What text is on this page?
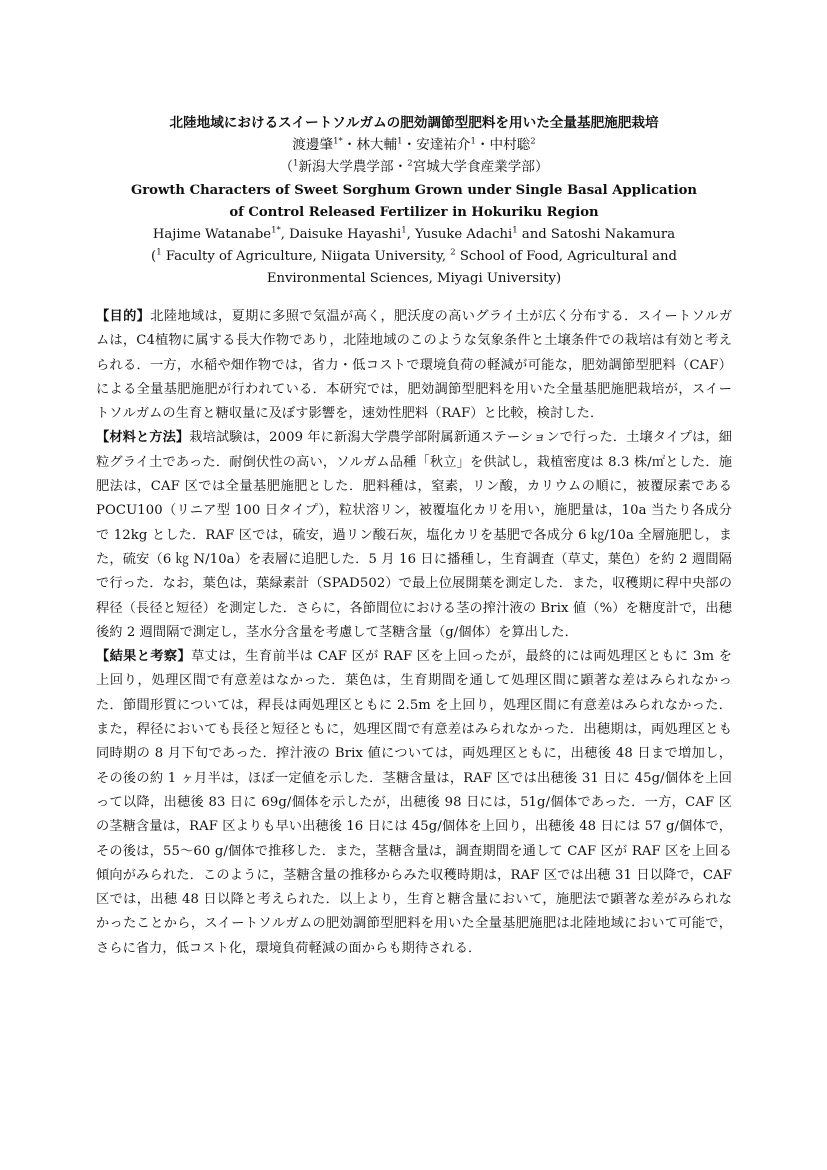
北陸地域におけるスイートソルガムの肥効調節型肥料を用いた全量基肥施肥栽培
渡邊肇$^{1*}$・林大輔$^1$・安達祐介$^1$・中村聡$^2$
（$^1$新潟大学農学部・$^2$宮城大学食産業学部）
Growth Characters of Sweet Sorghum Grown under Single Basal Application
of Control Released Fertilizer in Hokuriku Region
Hajime Watanabe$^{1*}$, Daisuke Hayashi$^1$, Yusuke Adachi$^1$ and Satoshi Nakamura
($^1$ Faculty of Agriculture, Niigata University, $^2$ School of Food, Agricultural and
Environmental Sciences, Miyagi University)

【目的】北陸地域は，夏期に多照で気温が高く，肥沃度の高いグライ土が広く分布する．スイートソルガムは，C4植物に属する長大作物であり，北陸地域のこのような気象条件と土壌条件での栽培は有効と考えられる．一方，水稲や畑作物では，省力・低コストで環境負荷の軽減が可能な，肥効調節型肥料（CAF）による全量基肥施肥が行われている．本研究では，肥効調節型肥料を用いた全量基肥施肥栽培が，スイートソルガムの生育と糖収量に及ぼす影響を，速効性肥料（RAF）と比較，検討した．

【材料と方法】栽培試験は，2009 年に新潟大学農学部附属新通ステーションで行った．土壌タイプは，細粒グライ土であった．耐倒伏性の高い，ソルガム品種「秋立」を供試し，栽植密度は 8.3 株/㎡とした．施肥法は，CAF 区では全量基肥施肥とした．肥料種は，窒素，リン酸，カリウムの順に，被覆尿素である POCU100（リニア型 100 日タイプ），粒状溶リン，被覆塩化カリを用い，施肥量は，10a 当たり各成分で 12kg とした．RAF 区では，硫安，過リン酸石灰，塩化カリを基肥で各成分 6 ㎏/10a 全層施肥し，また，硫安（6 ㎏ N/10a）を表層に追肥した．5 月 16 日に播種し，生育調査（草丈，葉色）を約 2 週間隔で行った．なお，葉色は，葉緑素計（SPAD502）で最上位展開葉を測定した．また，収穫期に稈中央部の稈径（長径と短径）を測定した．さらに，各節間位における茎の搾汁液の Brix 値（%）を糖度計で，出穂後約 2 週間隔で測定し，茎水分含量を考慮して茎糖含量（g/個体）を算出した．

【結果と考察】草丈は，生育前半は CAF 区が RAF 区を上回ったが，最終的には両処理区ともに 3m を上回り，処理区間で有意差はなかった．葉色は，生育期間を通して処理区間に顕著な差はみられなかった．節間形質については，稈長は両処理区ともに 2.5m を上回り，処理区間に有意差はみられなかった．また，稈径においても長径と短径ともに，処理区間で有意差はみられなかった．出穂期は，両処理区とも同時期の 8 月下旬であった．搾汁液の Brix 値については，両処理区ともに，出穂後 48 日まで増加し，その後の約 1 ヶ月半は，ほぼ一定値を示した．茎糖含量は，RAF 区では出穂後 31 日に 45g/個体を上回って以降，出穂後 83 日に 69g/個体を示したが，出穂後 98 日には，51g/個体であった．一方，CAF 区の茎糖含量は，RAF 区よりも早い出穂後 16 日には 45g/個体を上回り，出穂後 48 日には 57 g/個体で，その後は，55〜60 g/個体で推移した．また，茎糖含量は，調査期間を通して CAF 区が RAF 区を上回る傾向がみられた．このように，茎糖含量の推移からみた収穫時期は，RAF 区では出穂 31 日以降で，CAF 区では，出穂 48 日以降と考えられた．以上より，生育と糖含量において，施肥法で顕著な差がみられなかったことから，スイートソルガムの肥効調節型肥料を用いた全量基肥施肥は北陸地域において可能で，さらに省力，低コスト化，環境負荷軽減の面からも期待される．
